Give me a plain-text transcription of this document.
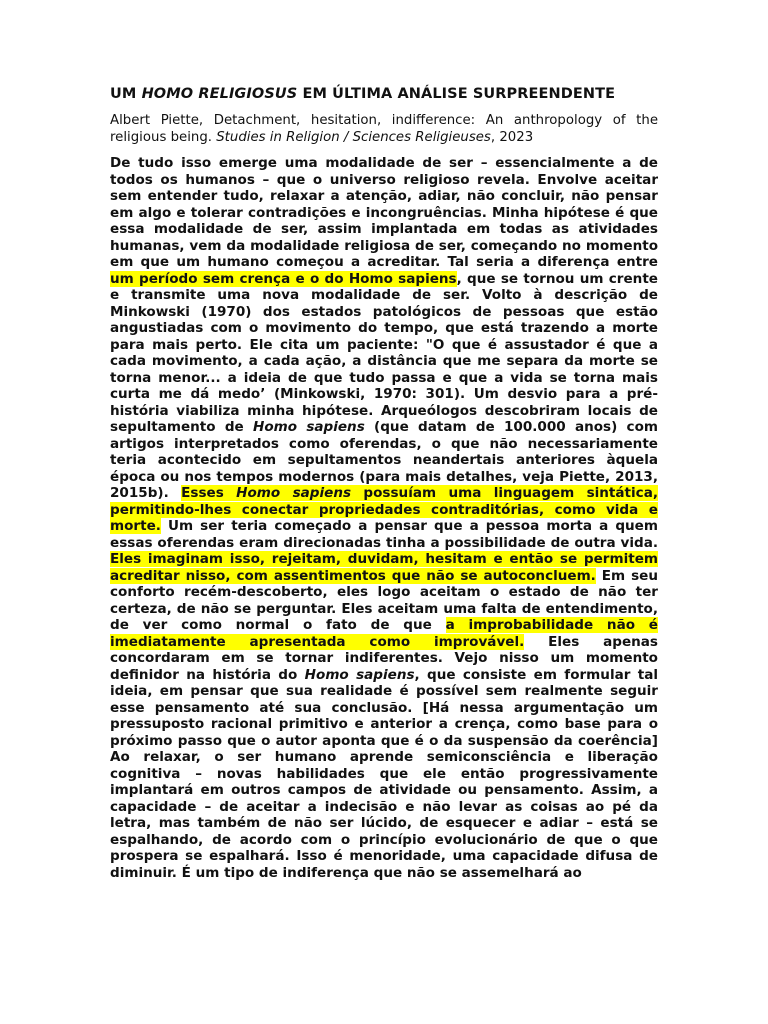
UM HOMO RELIGIOSUS EM ÚLTIMA ANÁLISE SURPREENDENTE

Albert Piette, Detachment, hesitation, indifference: An anthropology of the religious being. Studies in Religion / Sciences Religieuses, 2023

De tudo isso emerge uma modalidade de ser – essencialmente a de todos os humanos – que o universo religioso revela. Envolve aceitar sem entender tudo, relaxar a atenção, adiar, não concluir, não pensar em algo e tolerar contradições e incongruências. Minha hipótese é que essa modalidade de ser, assim implantada em todas as atividades humanas, vem da modalidade religiosa de ser, começando no momento em que um humano começou a acreditar. Tal seria a diferença entre um período sem crença e o do Homo sapiens, que se tornou um crente e transmite uma nova modalidade de ser. Volto à descrição de Minkowski (1970) dos estados patológicos de pessoas que estão angustiadas com o movimento do tempo, que está trazendo a morte para mais perto. Ele cita um paciente: "O que é assustador é que a cada movimento, a cada ação, a distância que me separa da morte se torna menor... a ideia de que tudo passa e que a vida se torna mais curta me dá medo’ (Minkowski, 1970: 301). Um desvio para a pré-história viabiliza minha hipótese. Arqueólogos descobriram locais de sepultamento de Homo sapiens (que datam de 100.000 anos) com artigos interpretados como oferendas, o que não necessariamente teria acontecido em sepultamentos neandertais anteriores àquela época ou nos tempos modernos (para mais detalhes, veja Piette, 2013, 2015b). Esses Homo sapiens possuíam uma linguagem sintática, permitindo-lhes conectar propriedades contraditórias, como vida e morte. Um ser teria começado a pensar que a pessoa morta a quem essas oferendas eram direcionadas tinha a possibilidade de outra vida. Eles imaginam isso, rejeitam, duvidam, hesitam e então se permitem acreditar nisso, com assentimentos que não se autoconcluem. Em seu conforto recém-descoberto, eles logo aceitam o estado de não ter certeza, de não se perguntar. Eles aceitam uma falta de entendimento, de ver como normal o fato de que a improbabilidade não é imediatamente apresentada como improvável. Eles apenas concordaram em se tornar indiferentes. Vejo nisso um momento definidor na história do Homo sapiens, que consiste em formular tal ideia, em pensar que sua realidade é possível sem realmente seguir esse pensamento até sua conclusão. [Há nessa argumentação um pressuposto racional primitivo e anterior a crença, como base para o próximo passo que o autor aponta que é o da suspensão da coerência] Ao relaxar, o ser humano aprende semiconsciência e liberação cognitiva – novas habilidades que ele então progressivamente implantará em outros campos de atividade ou pensamento. Assim, a capacidade – de aceitar a indecisão e não levar as coisas ao pé da letra, mas também de não ser lúcido, de esquecer e adiar – está se espalhando, de acordo com o princípio evolucionário de que o que prospera se espalhará. Isso é menoridade, uma capacidade difusa de diminuir. É um tipo de indiferença que não se assemelhará ao
